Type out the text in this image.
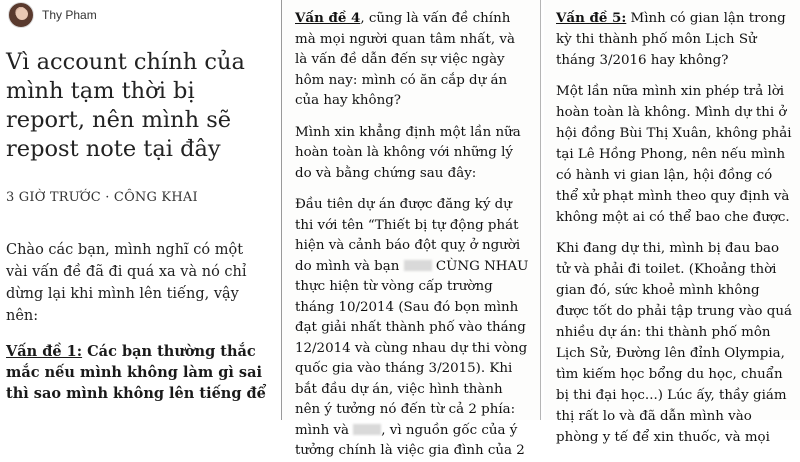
Thy Pham
Vì account chính của mình tạm thời bị report, nên mình sẽ repost note tại đây
3 GIỜ TRƯỚC · CÔNG KHAI

Chào các bạn, mình nghĩ có một vài vấn đề đã đi quá xa và nó chỉ dừng lại khi mình lên tiếng, vậy nên:

Vấn đề 1: Các bạn thường thắc mắc nếu mình không làm gì sai thì sao mình không lên tiếng để

Vấn đề 4, cũng là vấn đề chính mà mọi người quan tâm nhất, và là vấn đề dẫn đến sự việc ngày hôm nay: mình có ăn cắp dự án của hay không?

Mình xin khẳng định một lần nữa hoàn toàn là không với những lý do và bằng chứng sau đây:

Đầu tiên dự án được đăng ký dự thi với tên “Thiết bị tự động phát hiện và cảnh báo đột quỵ ở người do mình và bạn  CÙNG NHAU thực hiện từ vòng cấp trường tháng 10/2014 (Sau đó bọn mình đạt giải nhất thành phố vào tháng 12/2014 và cùng nhau dự thi vòng quốc gia vào tháng 3/2015). Khi bắt đầu dự án, việc hình thành nên ý tưởng nó đến từ cả 2 phía: mình và , vì nguồn gốc của ý tưởng chính là việc gia đình của 2

Vấn đề 5: Mình có gian lận trong kỳ thi thành phố môn Lịch Sử tháng 3/2016 hay không?

Một lần nữa mình xin phép trả lời hoàn toàn là không. Mình dự thi ở hội đồng Bùi Thị Xuân, không phải tại Lê Hồng Phong, nên nếu mình có hành vi gian lận, hội đồng có thể xử phạt mình theo quy định và không một ai có thể bao che được.

Khi đang dự thi, mình bị đau bao tử và phải đi toilet. (Khoảng thời gian đó, sức khoẻ mình không được tốt do phải tập trung vào quá nhiều dự án: thi thành phố môn Lịch Sử, Đường lên đỉnh Olympia, tìm kiếm học bổng du học, chuẩn bị thi đại học...) Lúc ấy, thầy giám thị rất lo và đã dẫn mình vào phòng y tế để xin thuốc, và mọi
